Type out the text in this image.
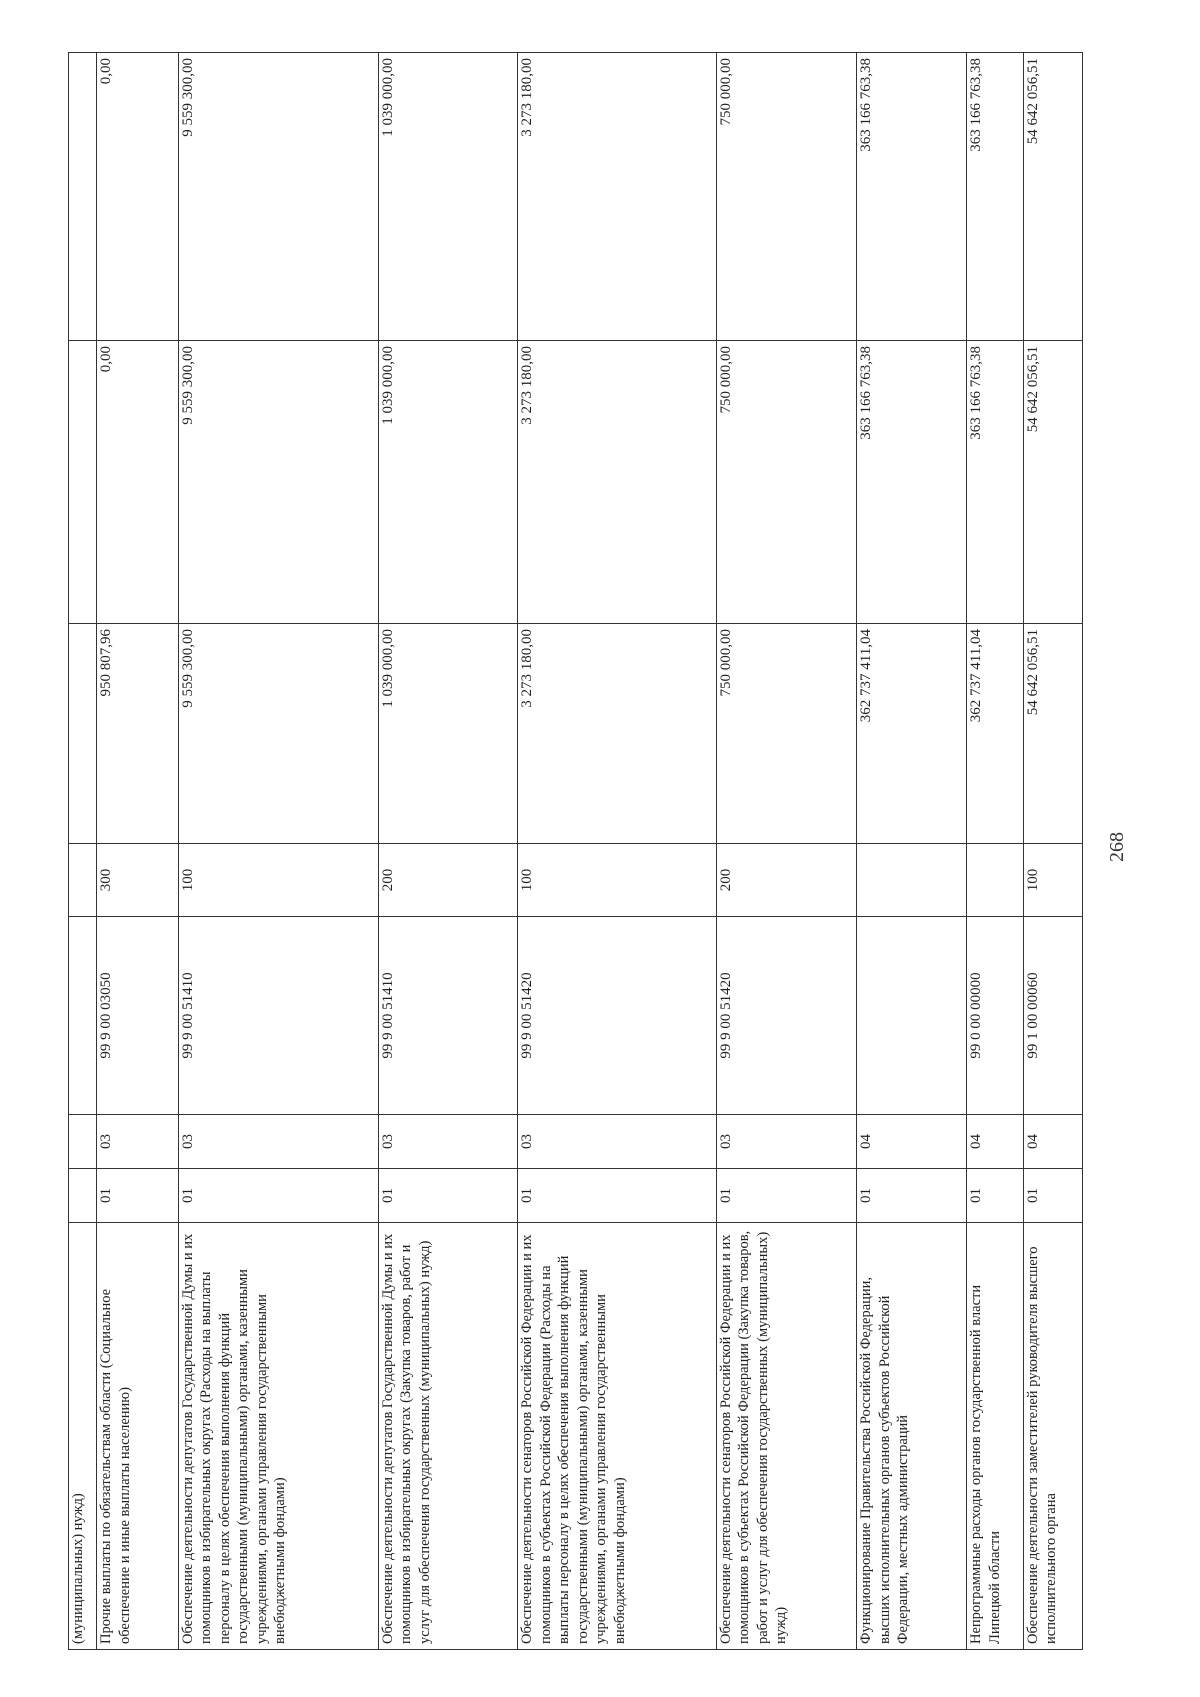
268
(муниципальных) нужд)							
Прочие выплаты по обязательствам области (Социальное обеспечение и иные выплаты населению)	01	03	99 9 00 03050	300	950 807,96	0,00	0,00
Обеспечение деятельности депутатов Государственной Думы и их помощников в избирательных округах (Расходы на выплаты персоналу в целях обеспечения выполнения функций государственными (муниципальными) органами, казенными учреждениями, органами управления государственными внебюджетными фондами)	01	03	99 9 00 51410	100	9 559 300,00	9 559 300,00	9 559 300,00
Обеспечение деятельности депутатов Государственной Думы и их помощников в избирательных округах (Закупка товаров, работ и услуг для обеспечения государственных (муниципальных) нужд)	01	03	99 9 00 51410	200	1 039 000,00	1 039 000,00	1 039 000,00
Обеспечение деятельности сенаторов Российской Федерации и их помощников в субъектах Российской Федерации (Расходы на выплаты персоналу в целях обеспечения выполнения функций государственными (муниципальными) органами, казенными учреждениями, органами управления государственными внебюджетными фондами)	01	03	99 9 00 51420	100	3 273 180,00	3 273 180,00	3 273 180,00
Обеспечение деятельности сенаторов Российской Федерации и их помощников в субъектах Российской Федерации (Закупка товаров, работ и услуг для обеспечения государственных (муниципальных) нужд)	01	03	99 9 00 51420	200	750 000,00	750 000,00	750 000,00
Функционирование Правительства Российской Федерации, высших исполнительных органов субъектов Российской Федерации, местных администраций	01	04			362 737 411,04	363 166 763,38	363 166 763,38
Непрограммные расходы органов государственной власти Липецкой области	01	04	99 0 00 00000		362 737 411,04	363 166 763,38	363 166 763,38
Обеспечение деятельности заместителей руководителя высшего исполнительного органа	01	04	99 1 00 00060	100	54 642 056,51	54 642 056,51	54 642 056,51
